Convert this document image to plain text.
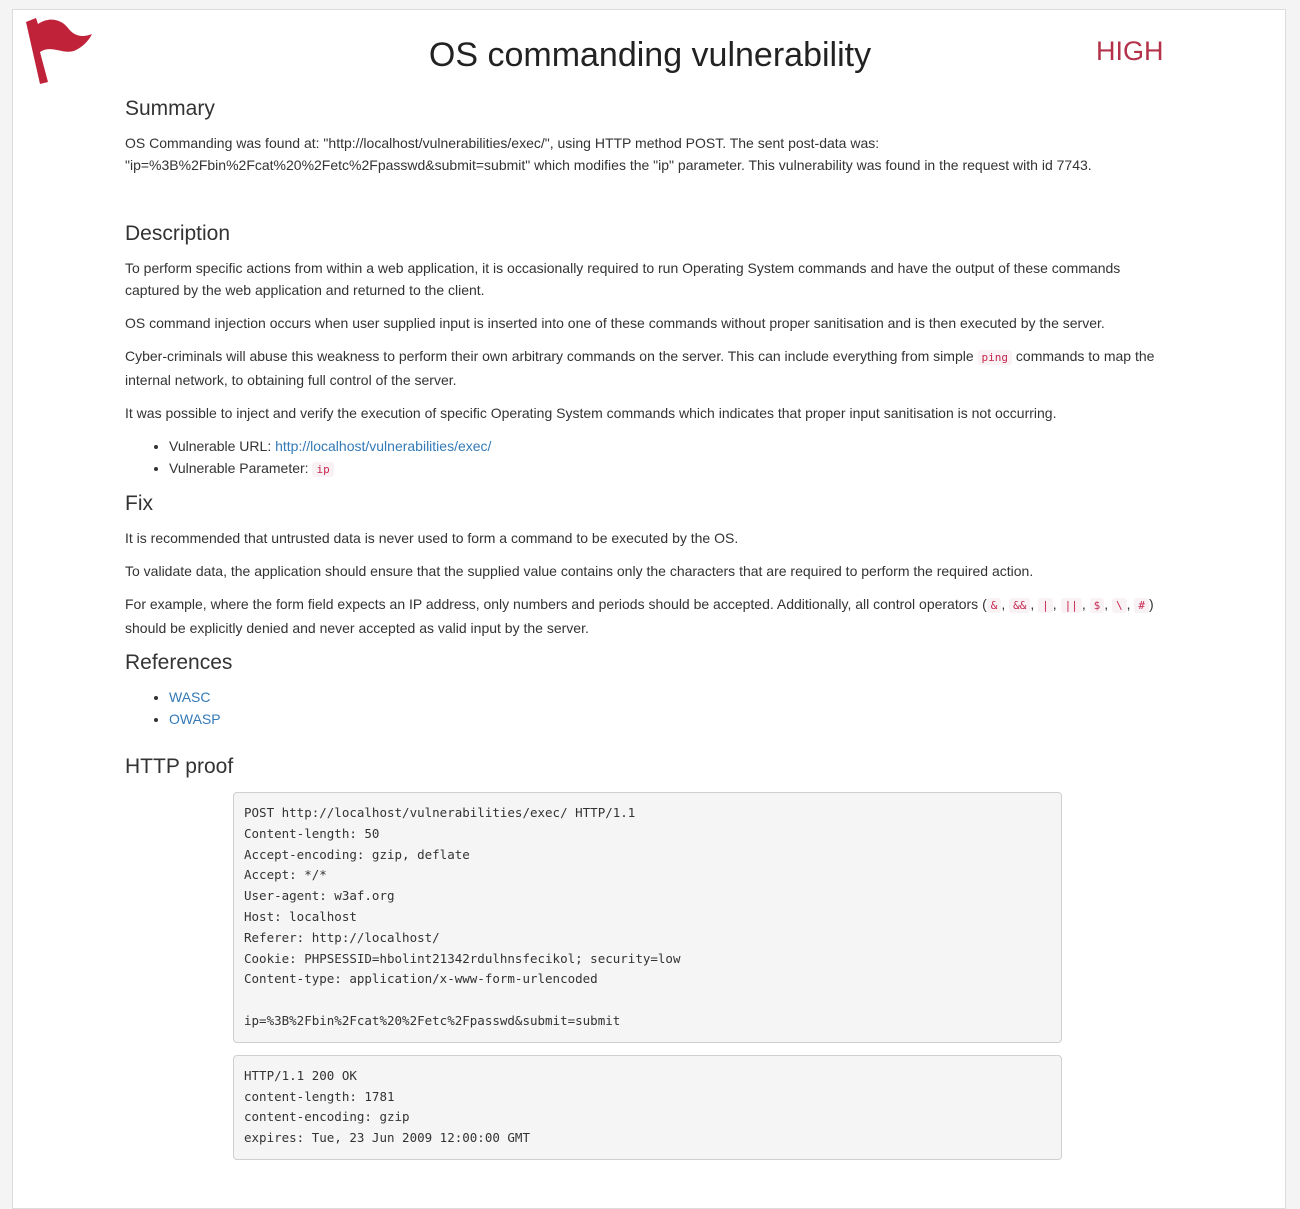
OS commanding vulnerability	HIGH
Summary

OS Commanding was found at: "http://localhost/vulnerabilities/exec/", using HTTP method POST. The sent post-data was: "ip=%3B%2Fbin%2Fcat%20%2Fetc%2Fpasswd&submit=submit" which modifies the "ip" parameter. This vulnerability was found in the request with id 7743.

Description

To perform specific actions from within a web application, it is occasionally required to run Operating System commands and have the output of these commands captured by the web application and returned to the client.

OS command injection occurs when user supplied input is inserted into one of these commands without proper sanitisation and is then executed by the server.

Cyber-criminals will abuse this weakness to perform their own arbitrary commands on the server. This can include everything from simple ping commands to map the internal network, to obtaining full control of the server.

It was possible to inject and verify the execution of specific Operating System commands which indicates that proper input sanitisation is not occurring.

• Vulnerable URL: http://localhost/vulnerabilities/exec/
• Vulnerable Parameter: ip
Fix

It is recommended that untrusted data is never used to form a command to be executed by the OS.

To validate data, the application should ensure that the supplied value contains only the characters that are required to perform the required action.

For example, where the form field expects an IP address, only numbers and periods should be accepted. Additionally, all control operators ( & , && , | , || , $ , \ , # ) should be explicitly denied and never accepted as valid input by the server.

References
• WASC
• OWASP
HTTP proof
POST http://localhost/vulnerabilities/exec/ HTTP/1.1
Content-length: 50
Accept-encoding: gzip, deflate
Accept: */*
User-agent: w3af.org
Host: localhost
Referer: http://localhost/
Cookie: PHPSESSID=hbolint21342rdulhnsfecikol; security=low
Content-type: application/x-www-form-urlencoded

ip=%3B%2Fbin%2Fcat%20%2Fetc%2Fpasswd&submit=submit
HTTP/1.1 200 OK
content-length: 1781
content-encoding: gzip
expires: Tue, 23 Jun 2009 12:00:00 GMT
